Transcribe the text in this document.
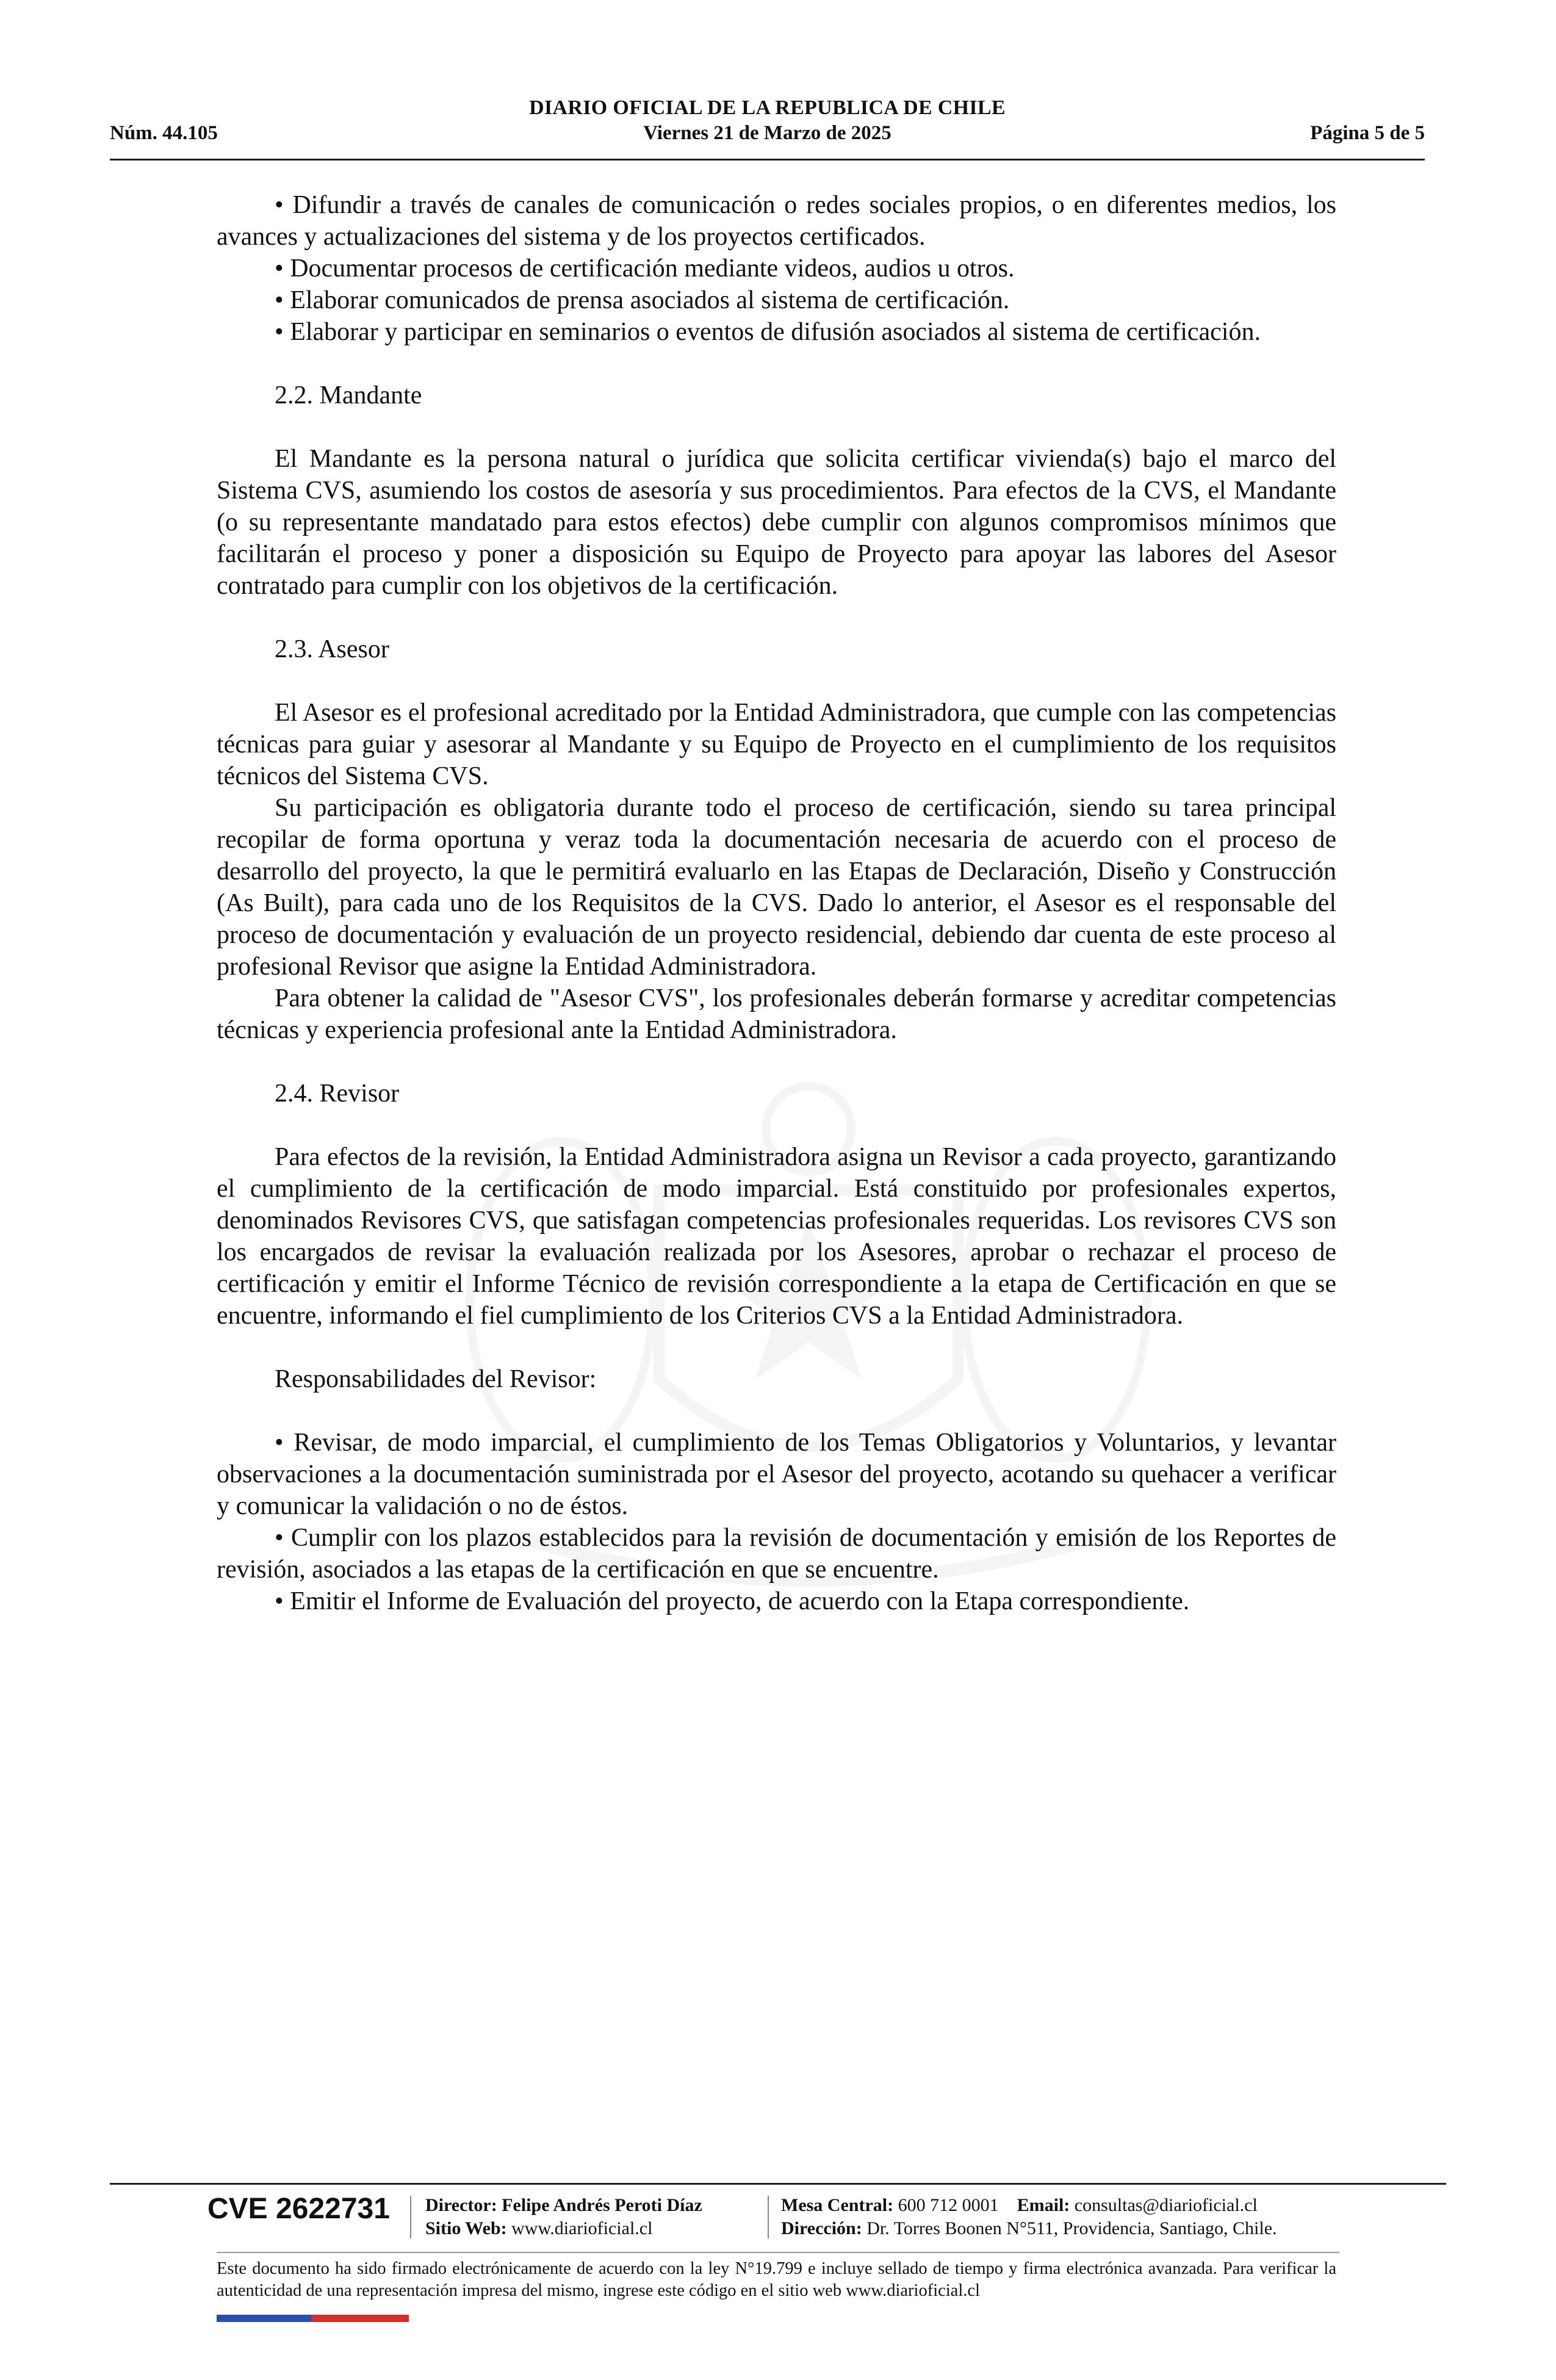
DIARIO OFICIAL DE LA REPUBLICA DE CHILE
Núm. 44.105	Viernes 21 de Marzo de 2025	Página 5 de 5

• Difundir a través de canales de comunicación o redes sociales propios, o en diferentes medios, los avances y actualizaciones del sistema y de los proyectos certificados.

• Documentar procesos de certificación mediante videos, audios u otros.

• Elaborar comunicados de prensa asociados al sistema de certificación.

• Elaborar y participar en seminarios o eventos de difusión asociados al sistema de certificación.

2.2. Mandante

El Mandante es la persona natural o jurídica que solicita certificar vivienda(s) bajo el marco del Sistema CVS, asumiendo los costos de asesoría y sus procedimientos. Para efectos de la CVS, el Mandante (o su representante mandatado para estos efectos) debe cumplir con algunos compromisos mínimos que facilitarán el proceso y poner a disposición su Equipo de Proyecto para apoyar las labores del Asesor contratado para cumplir con los objetivos de la certificación.

2.3. Asesor

El Asesor es el profesional acreditado por la Entidad Administradora, que cumple con las competencias técnicas para guiar y asesorar al Mandante y su Equipo de Proyecto en el cumplimiento de los requisitos técnicos del Sistema CVS.

Su participación es obligatoria durante todo el proceso de certificación, siendo su tarea principal recopilar de forma oportuna y veraz toda la documentación necesaria de acuerdo con el proceso de desarrollo del proyecto, la que le permitirá evaluarlo en las Etapas de Declaración, Diseño y Construcción (As Built), para cada uno de los Requisitos de la CVS. Dado lo anterior, el Asesor es el responsable del proceso de documentación y evaluación de un proyecto residencial, debiendo dar cuenta de este proceso al profesional Revisor que asigne la Entidad Administradora.

Para obtener la calidad de "Asesor CVS", los profesionales deberán formarse y acreditar competencias técnicas y experiencia profesional ante la Entidad Administradora.

2.4. Revisor

Para efectos de la revisión, la Entidad Administradora asigna un Revisor a cada proyecto, garantizando el cumplimiento de la certificación de modo imparcial. Está constituido por profesionales expertos, denominados Revisores CVS, que satisfagan competencias profesionales requeridas. Los revisores CVS son los encargados de revisar la evaluación realizada por los Asesores, aprobar o rechazar el proceso de certificación y emitir el Informe Técnico de revisión correspondiente a la etapa de Certificación en que se encuentre, informando el fiel cumplimiento de los Criterios CVS a la Entidad Administradora.

Responsabilidades del Revisor:

• Revisar, de modo imparcial, el cumplimiento de los Temas Obligatorios y Voluntarios, y levantar observaciones a la documentación suministrada por el Asesor del proyecto, acotando su quehacer a verificar y comunicar la validación o no de éstos.

• Cumplir con los plazos establecidos para la revisión de documentación y emisión de los Reportes de revisión, asociados a las etapas de la certificación en que se encuentre.

• Emitir el Informe de Evaluación del proyecto, de acuerdo con la Etapa correspondiente.

CVE 2622731 Director: Felipe Andrés Peroti Díaz
Sitio Web: www.diarioficial.cl
Mesa Central: 600 712 0001 Email: consultas@diarioficial.cl
Dirección: Dr. Torres Boonen N°511, Providencia, Santiago, Chile.
Este documento ha sido firmado electrónicamente de acuerdo con la ley N°19.799 e incluye sellado de tiempo y firma electrónica avanzada. Para verificar la autenticidad de una representación impresa del mismo, ingrese este código en el sitio web www.diarioficial.cl
